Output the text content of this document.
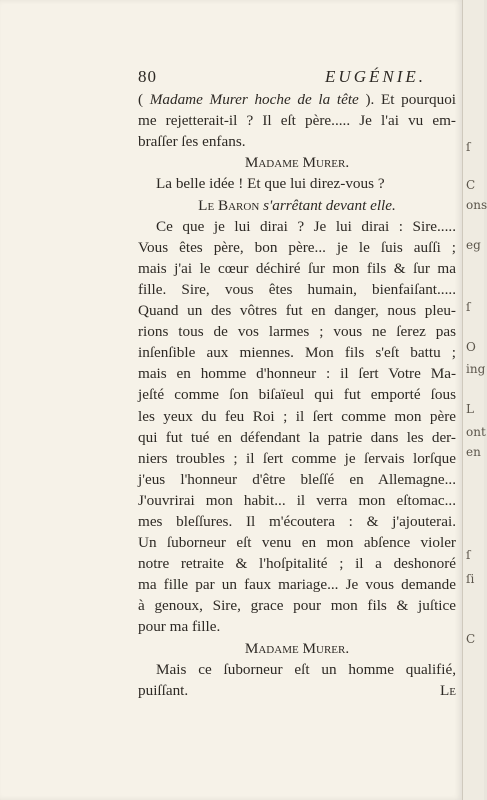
80	EUGÉNIE.
( Madame Murer hoche de la tête ). Et pourquoi
me rejetterait-il ? Il eſt père..... Je l'ai vu em-
braſſer ſes enfans.
Madame Murer.
La belle idée ! Et que lui direz-vous ?
Le Baron s'arrêtant devant elle.
Ce que je lui dirai ? Je lui dirai : Sire.....
Vous êtes père, bon père... je le ſuis auſſi ;
mais j'ai le cœur déchiré ſur mon fils & ſur ma
fille. Sire, vous êtes humain, bienfaiſant.....
Quand un des vôtres fut en danger, nous pleu-
rions tous de vos larmes ; vous ne ſerez pas
inſenſible aux miennes. Mon fils s'eſt battu ;
mais en homme d'honneur : il ſert Votre Ma-
jeſté comme ſon biſaïeul qui fut emporté ſous
les yeux du feu Roi ; il ſert comme mon père
qui fut tué en défendant la patrie dans les der-
niers troubles ; il ſert comme je ſervais lorſque
j'eus l'honneur d'être bleſſé en Allemagne...
J'ouvrirai mon habit... il verra mon eſtomac...
mes bleſſures. Il m'écoutera : & j'ajouterai.
Un ſuborneur eſt venu en mon abſence violer
notre retraite & l'hoſpitalité ; il a deshonoré
ma fille par un faux mariage... Je vous demande
à genoux, Sire, grace pour mon fils & juſtice
pour ma fille.
Madame Murer.
Mais ce ſuborneur eſt un homme qualifié,
puiſſant.	Le
ſ
C
ons
eg
ſ
O
ing
L
ont
en
ſ
ſi
C
